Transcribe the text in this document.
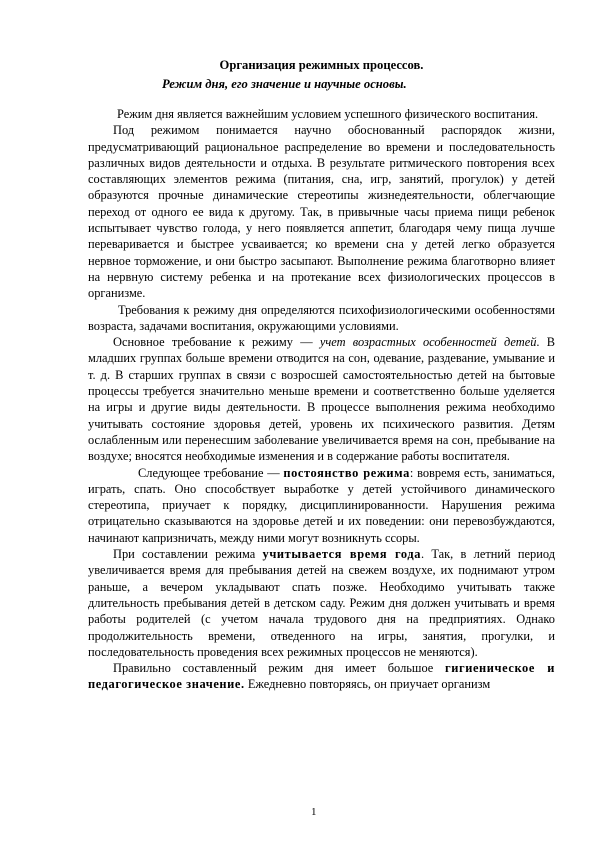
Организация режимных процессов.
Режим дня, его значение и научные основы.

Режим дня является важнейшим условием успешного физического воспитания.

Под режимом понимается научно обоснованный распорядок жизни, предусматривающий рациональное распределение во времени и последовательность различных видов деятельности и отдыха. В результате ритмического повторения всех составляющих элементов режима (питания, сна, игр, занятий, прогулок) у детей образуются прочные динамические стереотипы жизнедеятельности, облегчающие переход от одного ее вида к другому. Так, в привычные часы приема пищи ребенок испытывает чувство голода, у него появляется аппетит, благодаря чему пища лучше переваривается и быстрее усваивается; ко времени сна у детей легко образуется нервное торможение, и они быстро засыпают. Выполнение режима благотворно влияет на нервную систему ребенка и на протекание всех физиологических процессов в организме.

Требования к режиму дня определяются психофизиологическими особенностями возраста, задачами воспитания, окружающими условиями.

Основное требование к режиму — учет возрастных особенностей детей. В младших группах больше времени отводится на сон, одевание, раздевание, умывание и т. д. В старших группах в связи с возросшей самостоятельностью детей на бытовые процессы требуется значительно меньше времени и соответственно больше уделяется на игры и другие виды деятельности. В процессе выполнения режима необходимо учитывать состояние здоровья детей, уровень их психического развития. Детям ослабленным или перенесшим заболевание увеличивается время на сон, пребывание на воздухе; вносятся необходимые изменения и в содержание работы воспитателя.

Следующее требование — постоянство режима: вовремя есть, заниматься, играть, спать. Оно способствует выработке у детей устойчивого динамического стереотипа, приучает к порядку, дисциплинированности. Нарушения режима отрицательно сказываются на здоровье детей и их поведении: они перевозбуждаются, начинают капризничать, между ними могут возникнуть ссоры.

При составлении режима учитывается время года. Так, в летний период увеличивается время для пребывания детей на свежем воздухе, их поднимают утром раньше, а вечером укладывают спать позже. Необходимо учитывать также длительность пребывания детей в детском саду. Режим дня должен учитывать и время работы родителей (с учетом начала трудового дня на предприятиях. Однако продолжительность времени, отведенного на игры, занятия, прогулки, и последовательность проведения всех режимных процессов не меняются).

Правильно составленный режим дня имеет большое гигиеническое и педагогическое значение. Ежедневно повторяясь, он приучает организм

1
